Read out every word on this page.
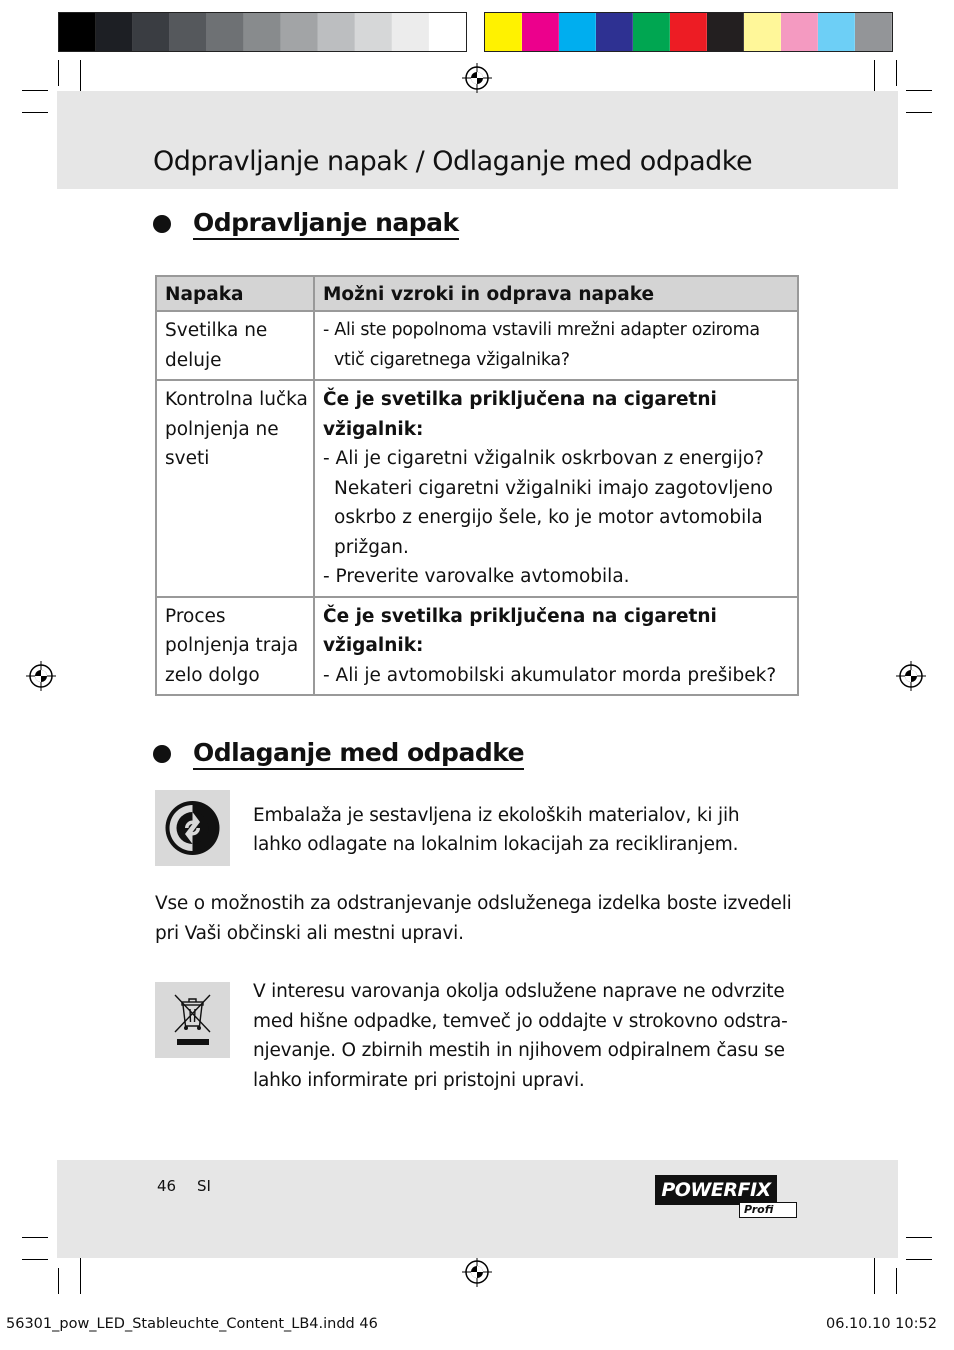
Odpravljanje napak / Odlaganje med odpadke
Odpravljanje napak
Napaka	Možni vzroki in odprava napake

Svetilka ne deluje	- Ali ste popolnoma vstavili mrežni adapter oziroma vtič cigaretnega vžigalnika?

Kontrolna lučka polnjenja ne sveti	Če je svetilka priključena na cigaretni vžigalnik:
- Ali je cigaretni vžigalnik oskrbovan z energijo? Nekateri cigaretni vžigalniki imajo zagotovljeno oskrbo z energijo šele, ko je motor avtomobila prižgan.
- Preverite varovalke avtomobila.

Proces polnjenja traja zelo dolgo	Če je svetilka priključena na cigaretni vžigalnik:
- Ali je avtomobilski akumulator morda prešibek?
Odlaganje med odpadke
Embalaža je sestavljena iz ekoloških materialov, ki jih
lahko odlagate na lokalnim lokacijah za recikliranjem.
Vse o možnostih za odstranjevanje odsluženega izdelka boste izvedeli
pri Vaši občinski ali mestni upravi.
V interesu varovanja okolja odslužene naprave ne odvrzite
med hišne odpadke, temveč jo oddajte v strokovno odstra-
njevanje. O zbirnih mestih in njihovem odpiralnem času se
lahko informirate pri pristojni upravi.
46 SI	POWERFIX
Profi
56301_pow_LED_Stableuchte_Content_LB4.indd 46	06.10.10 10:52
